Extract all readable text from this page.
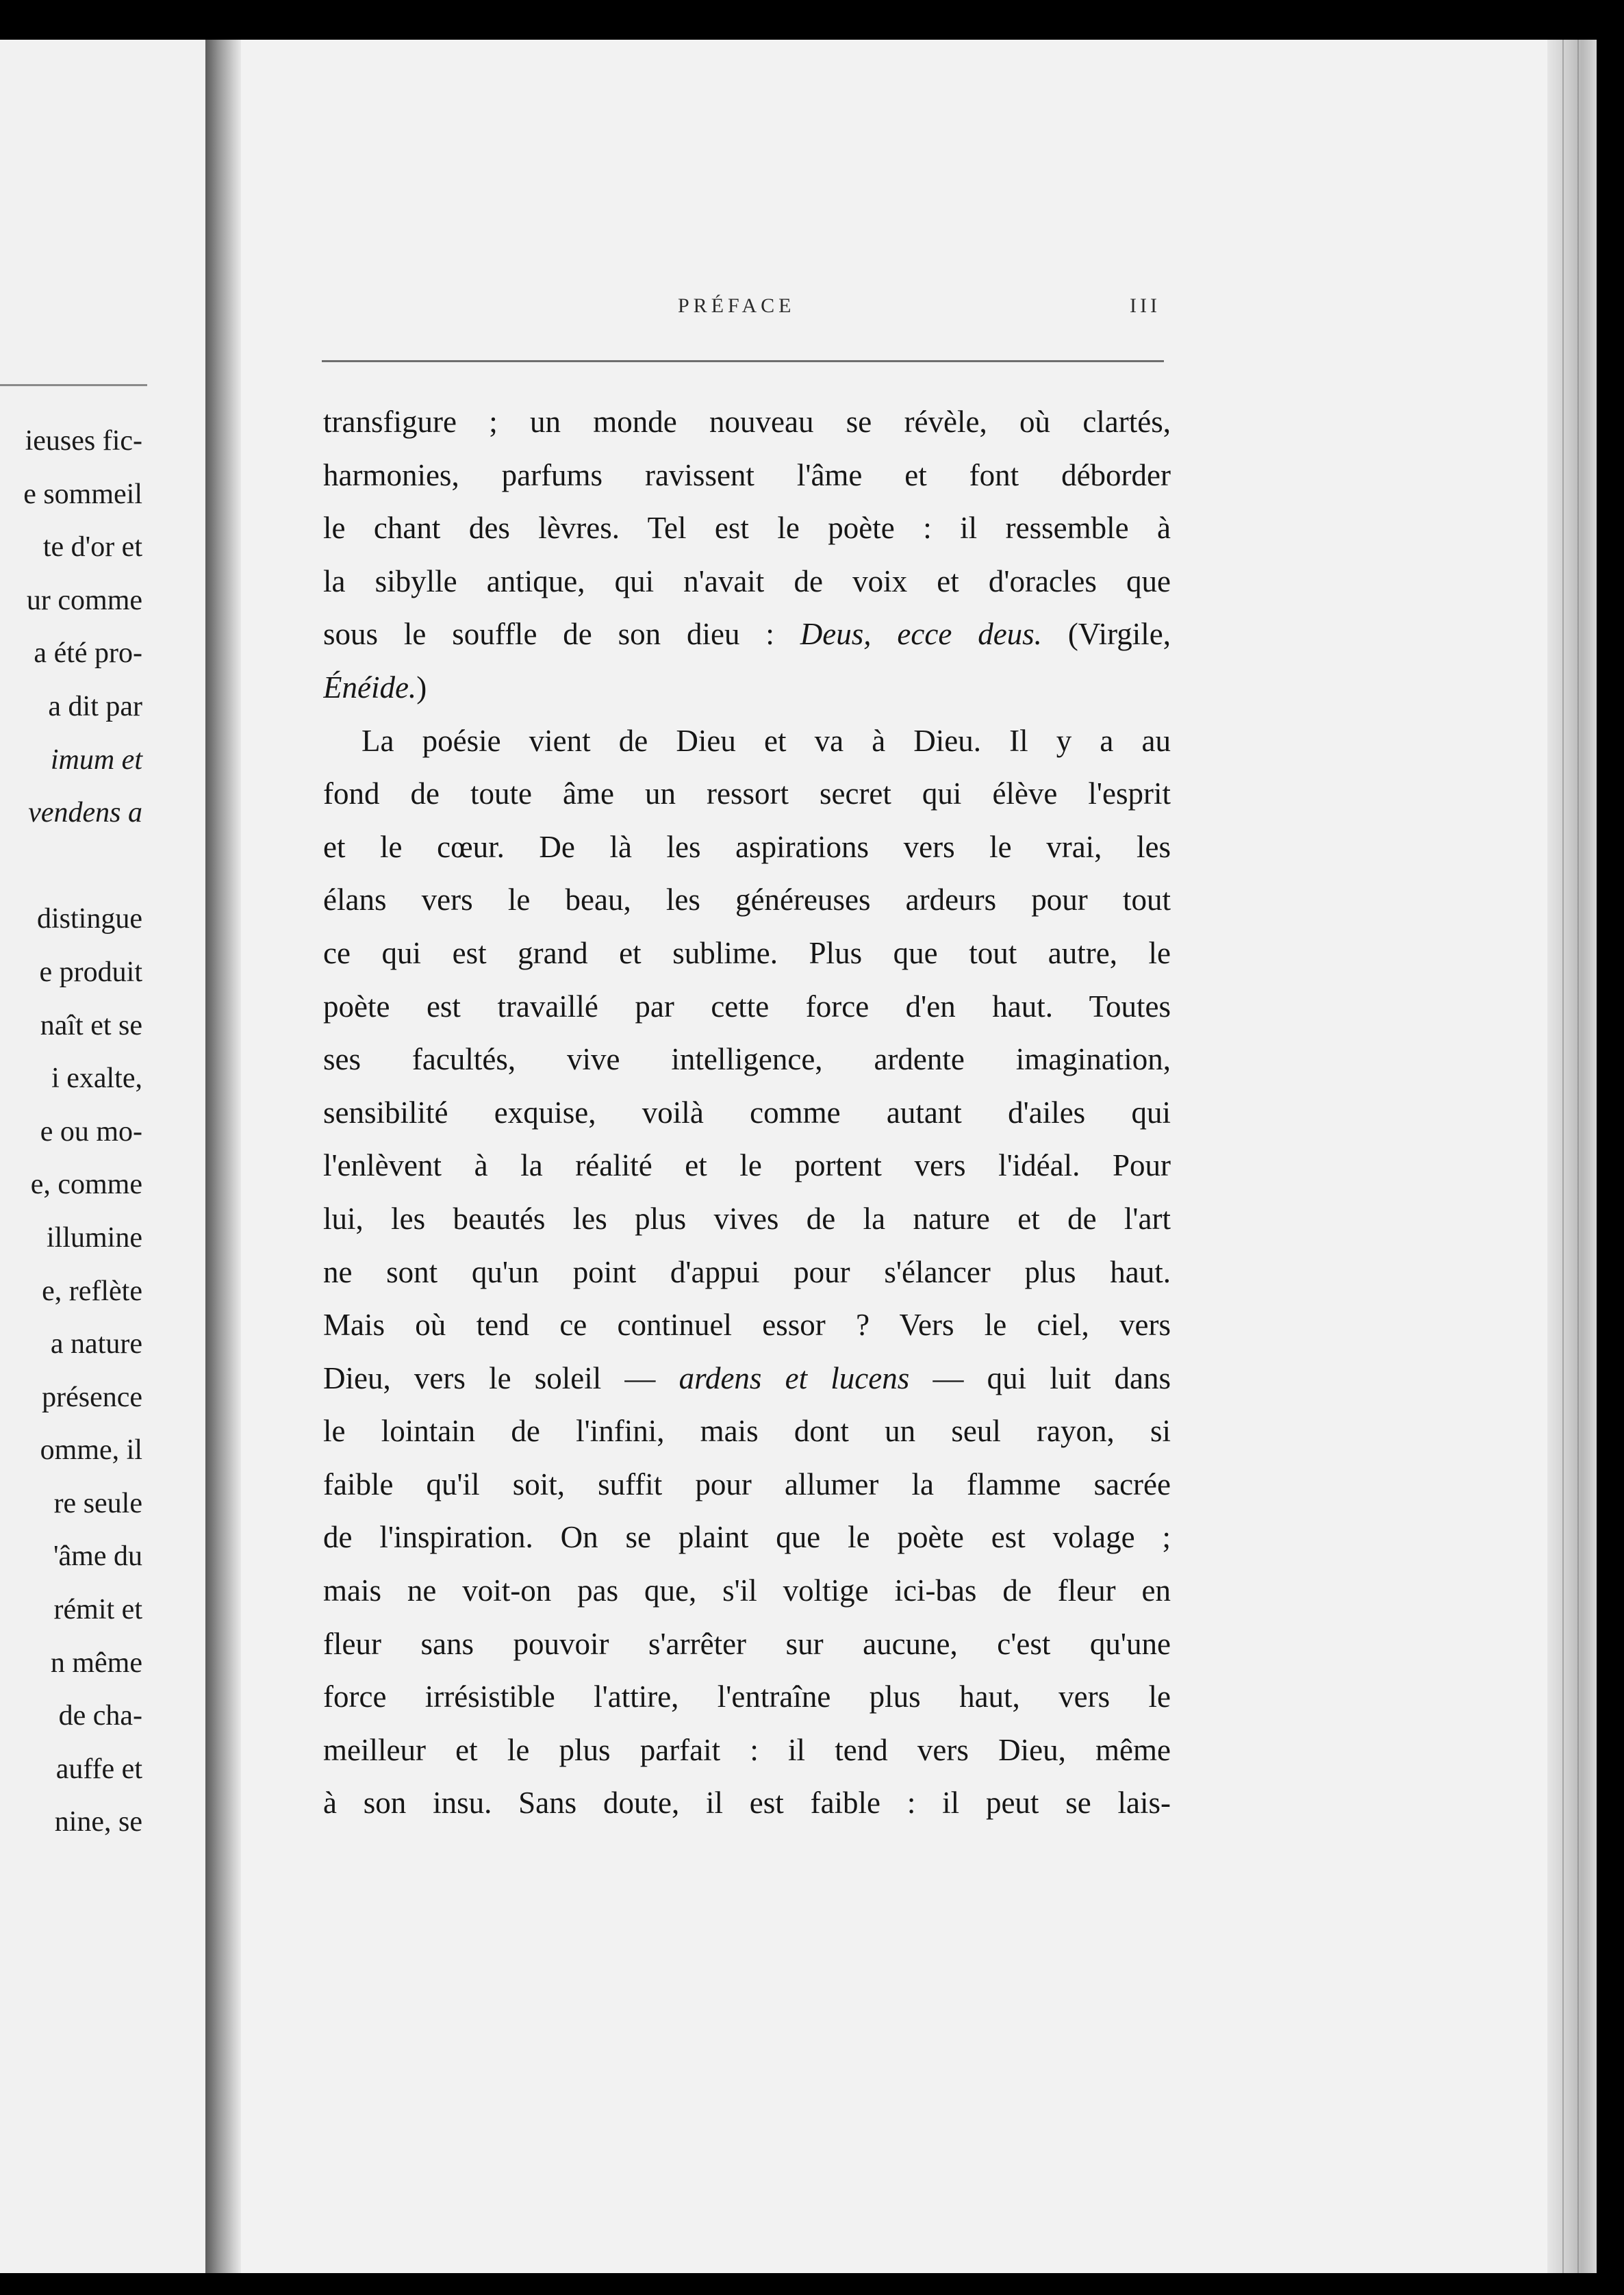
ieuses fic-
e sommeil
te d'or et
ur comme
a été pro-
a dit par
imum et
vendens a
distingue
e produit
naît et se
i exalte,
e ou mo-
e, comme
illumine
e, reflète
a nature
présence
omme, il
re seule
'âme du
rémit et
n même
de cha-
auffe et
nine, se
PRÉFACE	III
transfigure ; un monde nouveau se révèle, où clartés,
harmonies, parfums ravissent l'âme et font déborder
le chant des lèvres. Tel est le poète : il ressemble à
la sibylle antique, qui n'avait de voix et d'oracles que
sous le souffle de son dieu : Deus, ecce deus. (Virgile,
Énéide.)
La poésie vient de Dieu et va à Dieu. Il y a au
fond de toute âme un ressort secret qui élève l'esprit
et le cœur. De là les aspirations vers le vrai, les
élans vers le beau, les généreuses ardeurs pour tout
ce qui est grand et sublime. Plus que tout autre, le
poète est travaillé par cette force d'en haut. Toutes
ses facultés, vive intelligence, ardente imagination,
sensibilité exquise, voilà comme autant d'ailes qui
l'enlèvent à la réalité et le portent vers l'idéal. Pour
lui, les beautés les plus vives de la nature et de l'art
ne sont qu'un point d'appui pour s'élancer plus haut.
Mais où tend ce continuel essor ? Vers le ciel, vers
Dieu, vers le soleil — ardens et lucens — qui luit dans
le lointain de l'infini, mais dont un seul rayon, si
faible qu'il soit, suffit pour allumer la flamme sacrée
de l'inspiration. On se plaint que le poète est volage ;
mais ne voit-on pas que, s'il voltige ici-bas de fleur en
fleur sans pouvoir s'arrêter sur aucune, c'est qu'une
force irrésistible l'attire, l'entraîne plus haut, vers le
meilleur et le plus parfait : il tend vers Dieu, même
à son insu. Sans doute, il est faible : il peut se lais-
